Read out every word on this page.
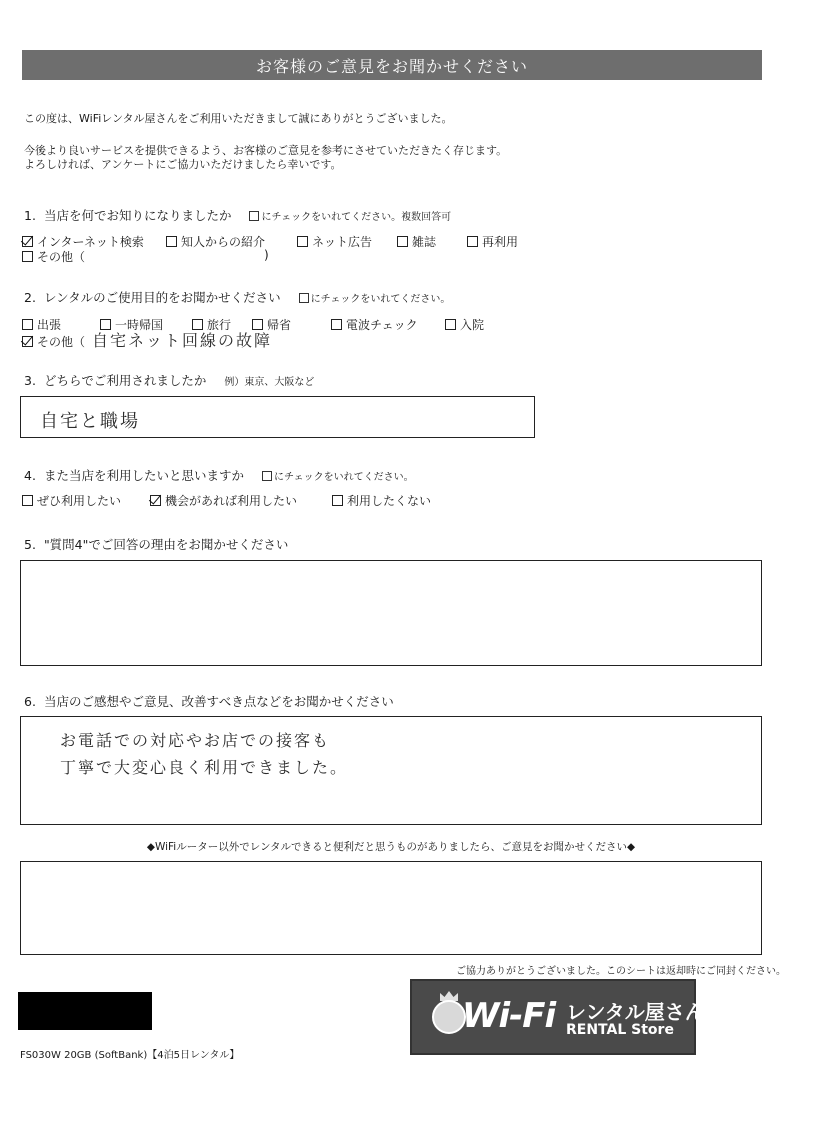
お客様のご意見をお聞かせください
この度は、WiFiレンタル屋さんをご利用いただきまして誠にありがとうございました。
今後より良いサービスを提供できるよう、お客様のご意見を参考にさせていただきたく存じます。
よろしければ、アンケートにご協力いただけましたら幸いです。
1. 当店を何でお知りになりましたか	にチェックをいれてください。複数回答可
インターネット検索	知人からの紹介	ネット広告	雑誌	再利用
その他（	)
2. レンタルのご使用目的をお聞かせください	にチェックをいれてください。
出張	一時帰国	旅行	帰省	電波チェック	入院
その他（ 自宅ネット回線の故障
3. どちらでご利用されましたか 例）東京、大阪など
自宅と職場
4. また当店を利用したいと思いますか	にチェックをいれてください。
ぜひ利用したい	機会があれば利用したい	利用したくない
5. "質問4"でご回答の理由をお聞かせください
6. 当店のご感想やご意見、改善すべき点などをお聞かせください
お電話での対応やお店での接客も
丁寧で大変心良く利用できました。
◆WiFiルーター以外でレンタルできると便利だと思うものがありましたら、ご意見をお聞かせください◆
ご協力ありがとうございました。このシートは返却時にご同封ください。
FS030W 20GB (SoftBank)【4泊5日レンタル】
Wi-Fi レンタル屋さん
RENTAL Store
